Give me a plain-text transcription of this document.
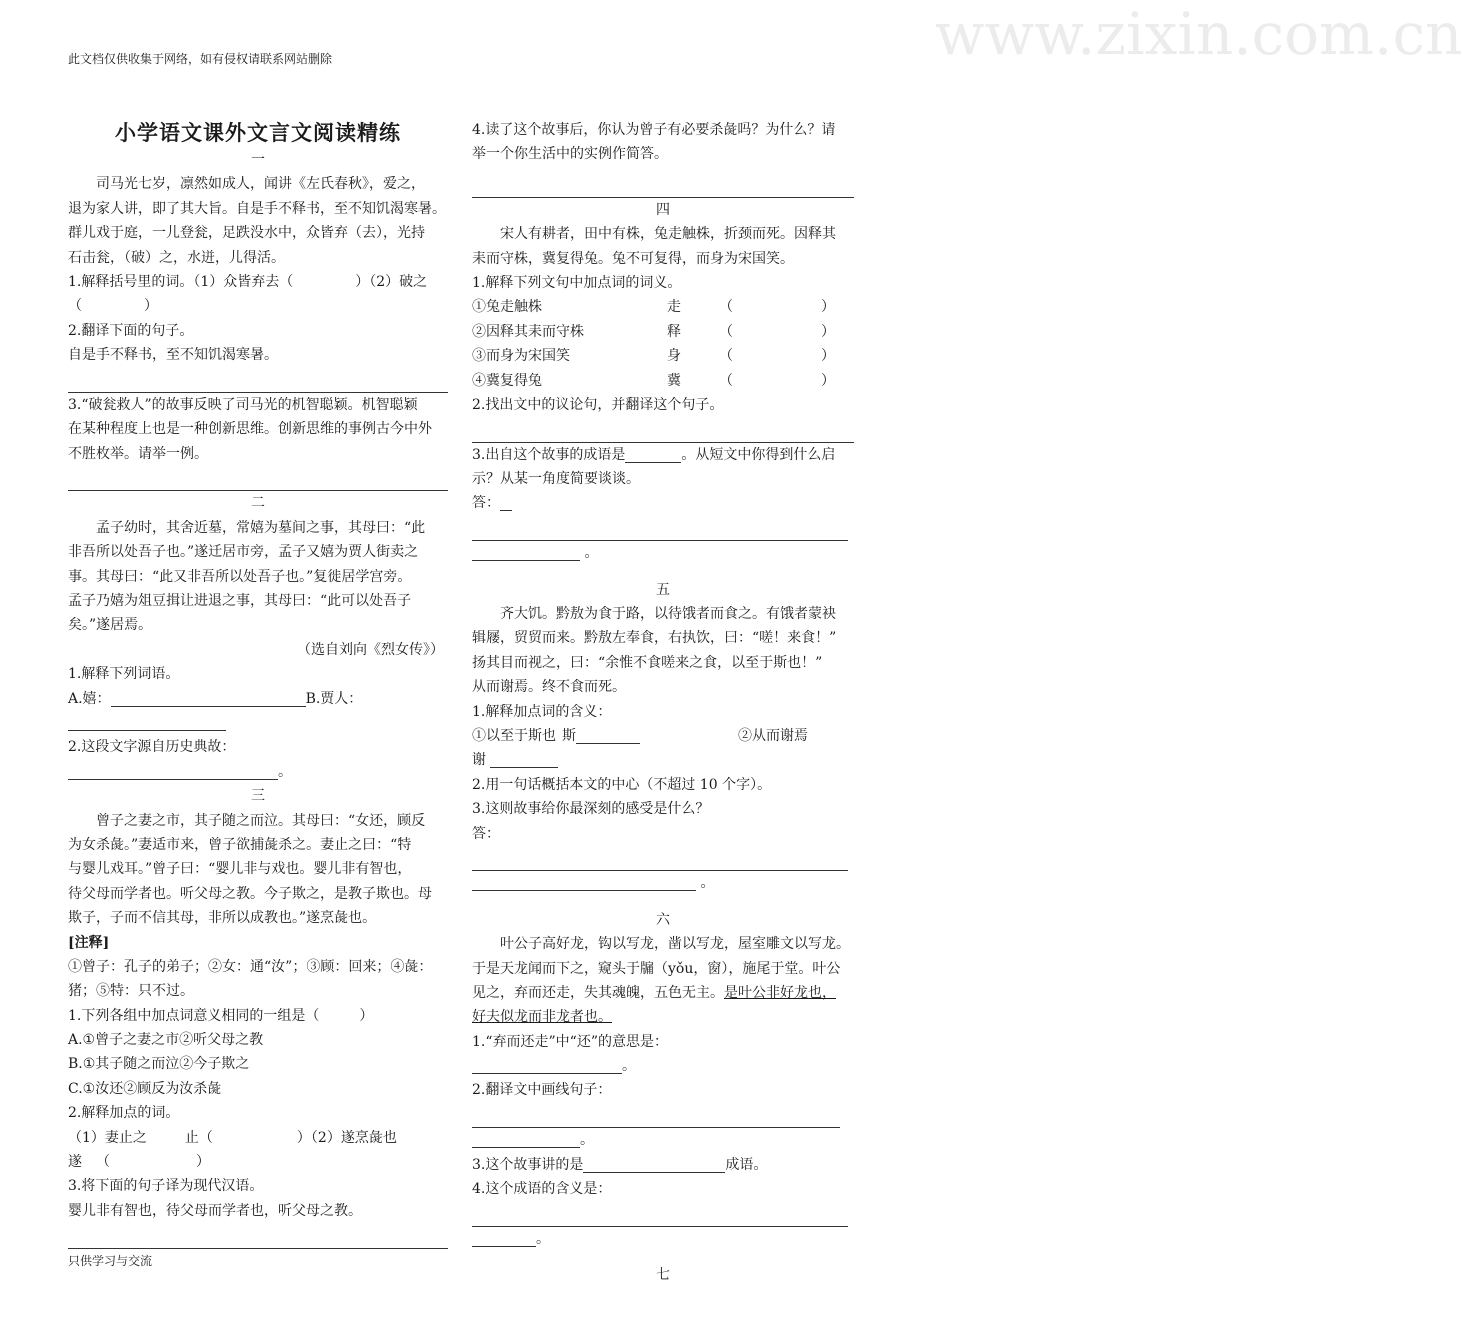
此文档仅供收集于网络，如有侵权请联系网站删除	www.zixin.com.cn
小学语文课外文言文阅读精练
一
司马光七岁，凛然如成人，闻讲《左氏春秋》，爱之，
退为家人讲，即了其大旨。自是手不释书，至不知饥渴寒暑。
群儿戏于庭，一儿登瓮，足跌没水中，众皆弃（去），光持
石击瓮，（破）之，水迸，儿得活。
1.解释括号里的词。（1）众皆弃去（	）（2）破之
（	）
2.翻译下面的句子。
自是手不释书，至不知饥渴寒暑。
3.“破瓮救人”的故事反映了司马光的机智聪颖。机智聪颖
在某种程度上也是一种创新思维。创新思维的事例古今中外
不胜枚举。请举一例。
二
孟子幼时，其舍近墓，常嬉为墓间之事，其母曰：“此
非吾所以处吾子也。”遂迁居市旁，孟子又嬉为贾人街卖之
事。其母曰：“此又非吾所以处吾子也。”复徙居学宫旁。
孟子乃嬉为俎豆揖让进退之事，其母曰：“此可以处吾子
矣。”遂居焉。
（选自刘向《烈女传》）
1.解释下列词语。
A.嬉：	B.贾人：
2.这段文字源自历史典故：
。
三
曾子之妻之市，其子随之而泣。其母曰：“女还，顾反
为女杀彘。”妻适市来，曾子欲捕彘杀之。妻止之曰：“特
与婴儿戏耳。”曾子曰：“婴儿非与戏也。婴儿非有智也，
待父母而学者也。听父母之教。今子欺之，是教子欺也。母
欺子，子而不信其母，非所以成教也。”遂烹彘也。
[注释]
①曾子：孔子的弟子；②女：通“汝”；③顾：回来；④彘：
猪；⑤特：只不过。
1.下列各组中加点词意义相同的一组是（	）
A.①曾子之妻之市②听父母之教
B.①其子随之而泣②今子欺之
C.①汝还②顾反为汝杀彘
2.解释加点的词。
（1）妻止之	止（	）（2）遂烹彘也
遂 （	）
3.将下面的句子译为现代汉语。
婴儿非有智也，待父母而学者也，听父母之教。
4.读了这个故事后，你认为曾子有必要杀彘吗？为什么？请
举一个你生活中的实例作简答。
四
宋人有耕者，田中有株，兔走触株，折颈而死。因释其
耒而守株，冀复得兔。兔不可复得，而身为宋国笑。
1.解释下列文句中加点词的词义。
①兔走触株	走	（	）
②因释其耒而守株	释	（	）
③而身为宋国笑	身	（	）
④冀复得兔	冀	（	）
2.找出文中的议论句，并翻译这个句子。
3.出自这个故事的成语是	。从短文中你得到什么启
示？从某一角度简要谈谈。
答：
。
五
齐大饥。黔敖为食于路，以待饿者而食之。有饿者蒙袂
辑屦，贸贸而来。黔敖左奉食，右执饮，曰：“嗟！来食！”
扬其目而视之，曰：“余惟不食嗟来之食，以至于斯也！”
从而谢焉。终不食而死。
1.解释加点词的含义：
①以至于斯也 斯	②从而谢焉
谢
2.用一句话概括本文的中心（不超过 10 个字）。
3.这则故事给你最深刻的感受是什么？
答：
。
六
叶公子高好龙，钩以写龙，凿以写龙，屋室雕文以写龙。
于是天龙闻而下之，窥头于牖（yǒu，窗），施尾于堂。叶公
见之，弃而还走，失其魂魄，五色无主。是叶公非好龙也，
好夫似龙而非龙者也。
1.“弃而还走”中“还”的意思是：
。
2.翻译文中画线句子：
。
3.这个故事讲的是	成语。
4.这个成语的含义是：
。
七
只供学习与交流
